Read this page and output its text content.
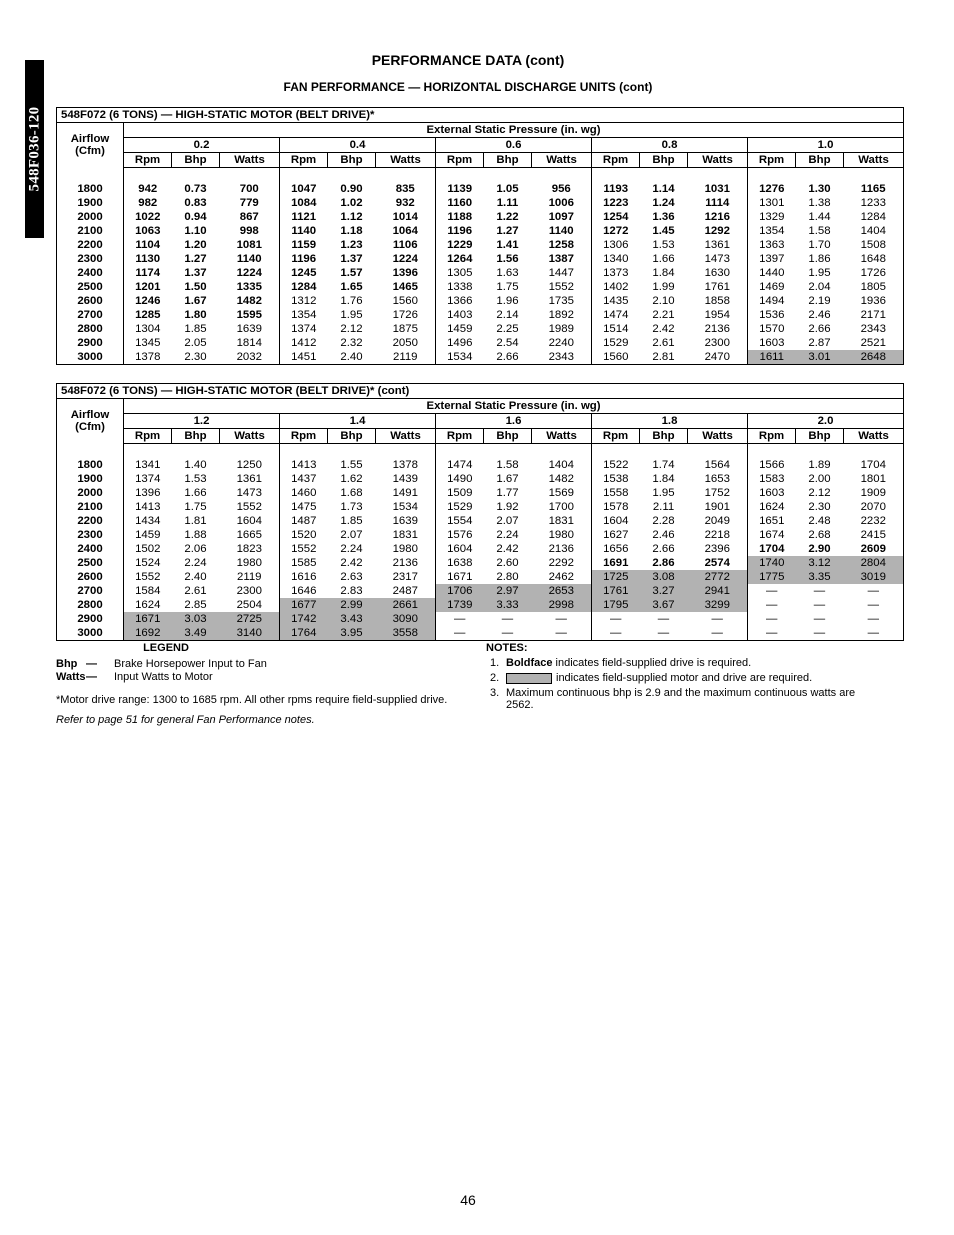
548F036-120
PERFORMANCE DATA (cont)
FAN PERFORMANCE — HORIZONTAL DISCHARGE UNITS (cont)
548F072 (6 TONS) — HIGH-STATIC MOTOR (BELT DRIVE)*															
Airflow (Cfm)	External Static Pressure (in. wg)														
	0.2			0.4			0.6			0.8			1.0		
	Rpm	Bhp	Watts	Rpm	Bhp	Watts	Rpm	Bhp	Watts	Rpm	Bhp	Watts	Rpm	Bhp	Watts

1800	942	0.73	700	1047	0.90	835	1139	1.05	956	1193	1.14	1031	1276	1.30	1165
1900	982	0.83	779	1084	1.02	932	1160	1.11	1006	1223	1.24	1114	1301	1.38	1233
2000	1022	0.94	867	1121	1.12	1014	1188	1.22	1097	1254	1.36	1216	1329	1.44	1284
2100	1063	1.10	998	1140	1.18	1064	1196	1.27	1140	1272	1.45	1292	1354	1.58	1404
2200	1104	1.20	1081	1159	1.23	1106	1229	1.41	1258	1306	1.53	1361	1363	1.70	1508
2300	1130	1.27	1140	1196	1.37	1224	1264	1.56	1387	1340	1.66	1473	1397	1.86	1648
2400	1174	1.37	1224	1245	1.57	1396	1305	1.63	1447	1373	1.84	1630	1440	1.95	1726
2500	1201	1.50	1335	1284	1.65	1465	1338	1.75	1552	1402	1.99	1761	1469	2.04	1805
2600	1246	1.67	1482	1312	1.76	1560	1366	1.96	1735	1435	2.10	1858	1494	2.19	1936
2700	1285	1.80	1595	1354	1.95	1726	1403	2.14	1892	1474	2.21	1954	1536	2.46	2171
2800	1304	1.85	1639	1374	2.12	1875	1459	2.25	1989	1514	2.42	2136	1570	2.66	2343
2900	1345	2.05	1814	1412	2.32	2050	1496	2.54	2240	1529	2.61	2300	1603	2.87	2521
3000	1378	2.30	2032	1451	2.40	2119	1534	2.66	2343	1560	2.81	2470	1611	3.01	2648
548F072 (6 TONS) — HIGH-STATIC MOTOR (BELT DRIVE)* (cont)															
Airflow (Cfm)	External Static Pressure (in. wg)														
	1.2			1.4			1.6			1.8			2.0		
	Rpm	Bhp	Watts	Rpm	Bhp	Watts	Rpm	Bhp	Watts	Rpm	Bhp	Watts	Rpm	Bhp	Watts

1800	1341	1.40	1250	1413	1.55	1378	1474	1.58	1404	1522	1.74	1564	1566	1.89	1704
1900	1374	1.53	1361	1437	1.62	1439	1490	1.67	1482	1538	1.84	1653	1583	2.00	1801
2000	1396	1.66	1473	1460	1.68	1491	1509	1.77	1569	1558	1.95	1752	1603	2.12	1909
2100	1413	1.75	1552	1475	1.73	1534	1529	1.92	1700	1578	2.11	1901	1624	2.30	2070
2200	1434	1.81	1604	1487	1.85	1639	1554	2.07	1831	1604	2.28	2049	1651	2.48	2232
2300	1459	1.88	1665	1520	2.07	1831	1576	2.24	1980	1627	2.46	2218	1674	2.68	2415
2400	1502	2.06	1823	1552	2.24	1980	1604	2.42	2136	1656	2.66	2396	1704	2.90	2609
2500	1524	2.24	1980	1585	2.42	2136	1638	2.60	2292	1691	2.86	2574	1740	3.12	2804
2600	1552	2.40	2119	1616	2.63	2317	1671	2.80	2462	1725	3.08	2772	1775	3.35	3019
2700	1584	2.61	2300	1646	2.83	2487	1706	2.97	2653	1761	3.27	2941	—	—	—
2800	1624	2.85	2504	1677	2.99	2661	1739	3.33	2998	1795	3.67	3299	—	—	—
2900	1671	3.03	2725	1742	3.43	3090	—	—	—	—	—	—	—	—	—
3000	1692	3.49	3140	1764	3.95	3558	—	—	—	—	—	—	—	—	—
LEGEND
Bhp — Brake Horsepower Input to Fan
Watts— Input Watts to Motor
*Motor drive range: 1300 to 1685 rpm. All other rpms require field-supplied drive.
Refer to page 51 for general Fan Performance notes.
NOTES:
1. Boldface indicates field-supplied drive is required.
2.	indicates field-supplied motor and drive are required.
3. Maximum continuous bhp is 2.9 and the maximum continuous watts are 2562.
46
